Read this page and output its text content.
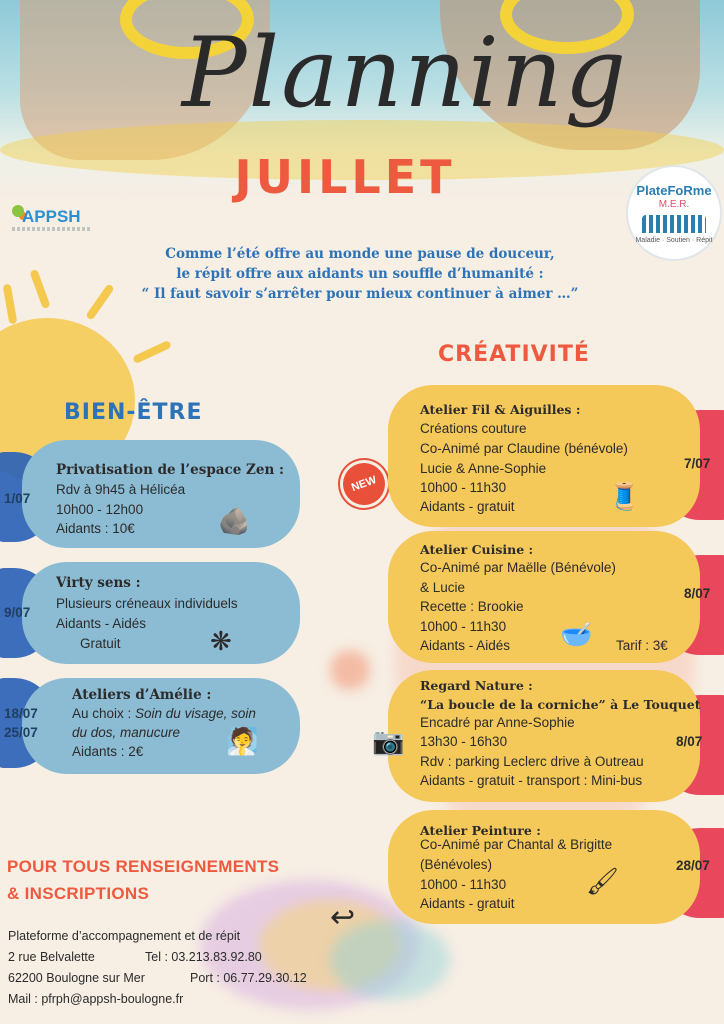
Planning
JUILLET
APPSH
PlateFoRme
M.E.R.
Maladie · Soutien · Répit
Comme l’été offre au monde une pause de douceur,
le répit offre aux aidants un souffle d’humanité :
“ Il faut savoir s’arrêter pour mieux continuer à aimer …”
BIEN-ÊTRE
CRÉATIVITÉ
Privatisation de l’espace Zen :
Rdv à 9h45 à Hélicéa
10h00 - 12h00
Aidants : 10€	🪨
1/07
Virty sens :
Plusieurs créneaux individuels
Aidants - Aidés
Gratuit	❋
9/07
Ateliers d’Amélie :
Au choix : Soin du visage, soin
du dos, manucure
Aidants : 2€	🧖
18/07
25/07
NEW
Atelier Fil & Aiguilles :
Créations couture
Co-Animé par Claudine (bénévole)
Lucie & Anne-Sophie
10h00 - 11h30
Aidants - gratuit	🧵
7/07
Atelier Cuisine :
Co-Animé par Maëlle (Bénévole)
& Lucie
Recette : Brookie
10h00 - 11h30
Aidants - Aidés	Tarif : 3€
🥣
8/07
Regard Nature :
“La boucle de la corniche” à Le Touquet
Encadré par Anne-Sophie
13h30 - 16h30
Rdv : parking Leclerc drive à Outreau
Aidants - gratuit - transport : Mini-bus
📷	8/07
Atelier Peinture :
Co-Animé par Chantal & Brigitte
(Bénévoles)
10h00 - 11h30
Aidants - gratuit
🖌
28/07
POUR TOUS RENSEIGNEMENTS
& INSCRIPTIONS
Plateforme d’accompagnement et de répit
2 rue Belvalette	Tel : 03.213.83.92.80
62200 Boulogne sur Mer	Port : 06.77.29.30.12
Mail : pfrph@appsh-boulogne.fr
↩
